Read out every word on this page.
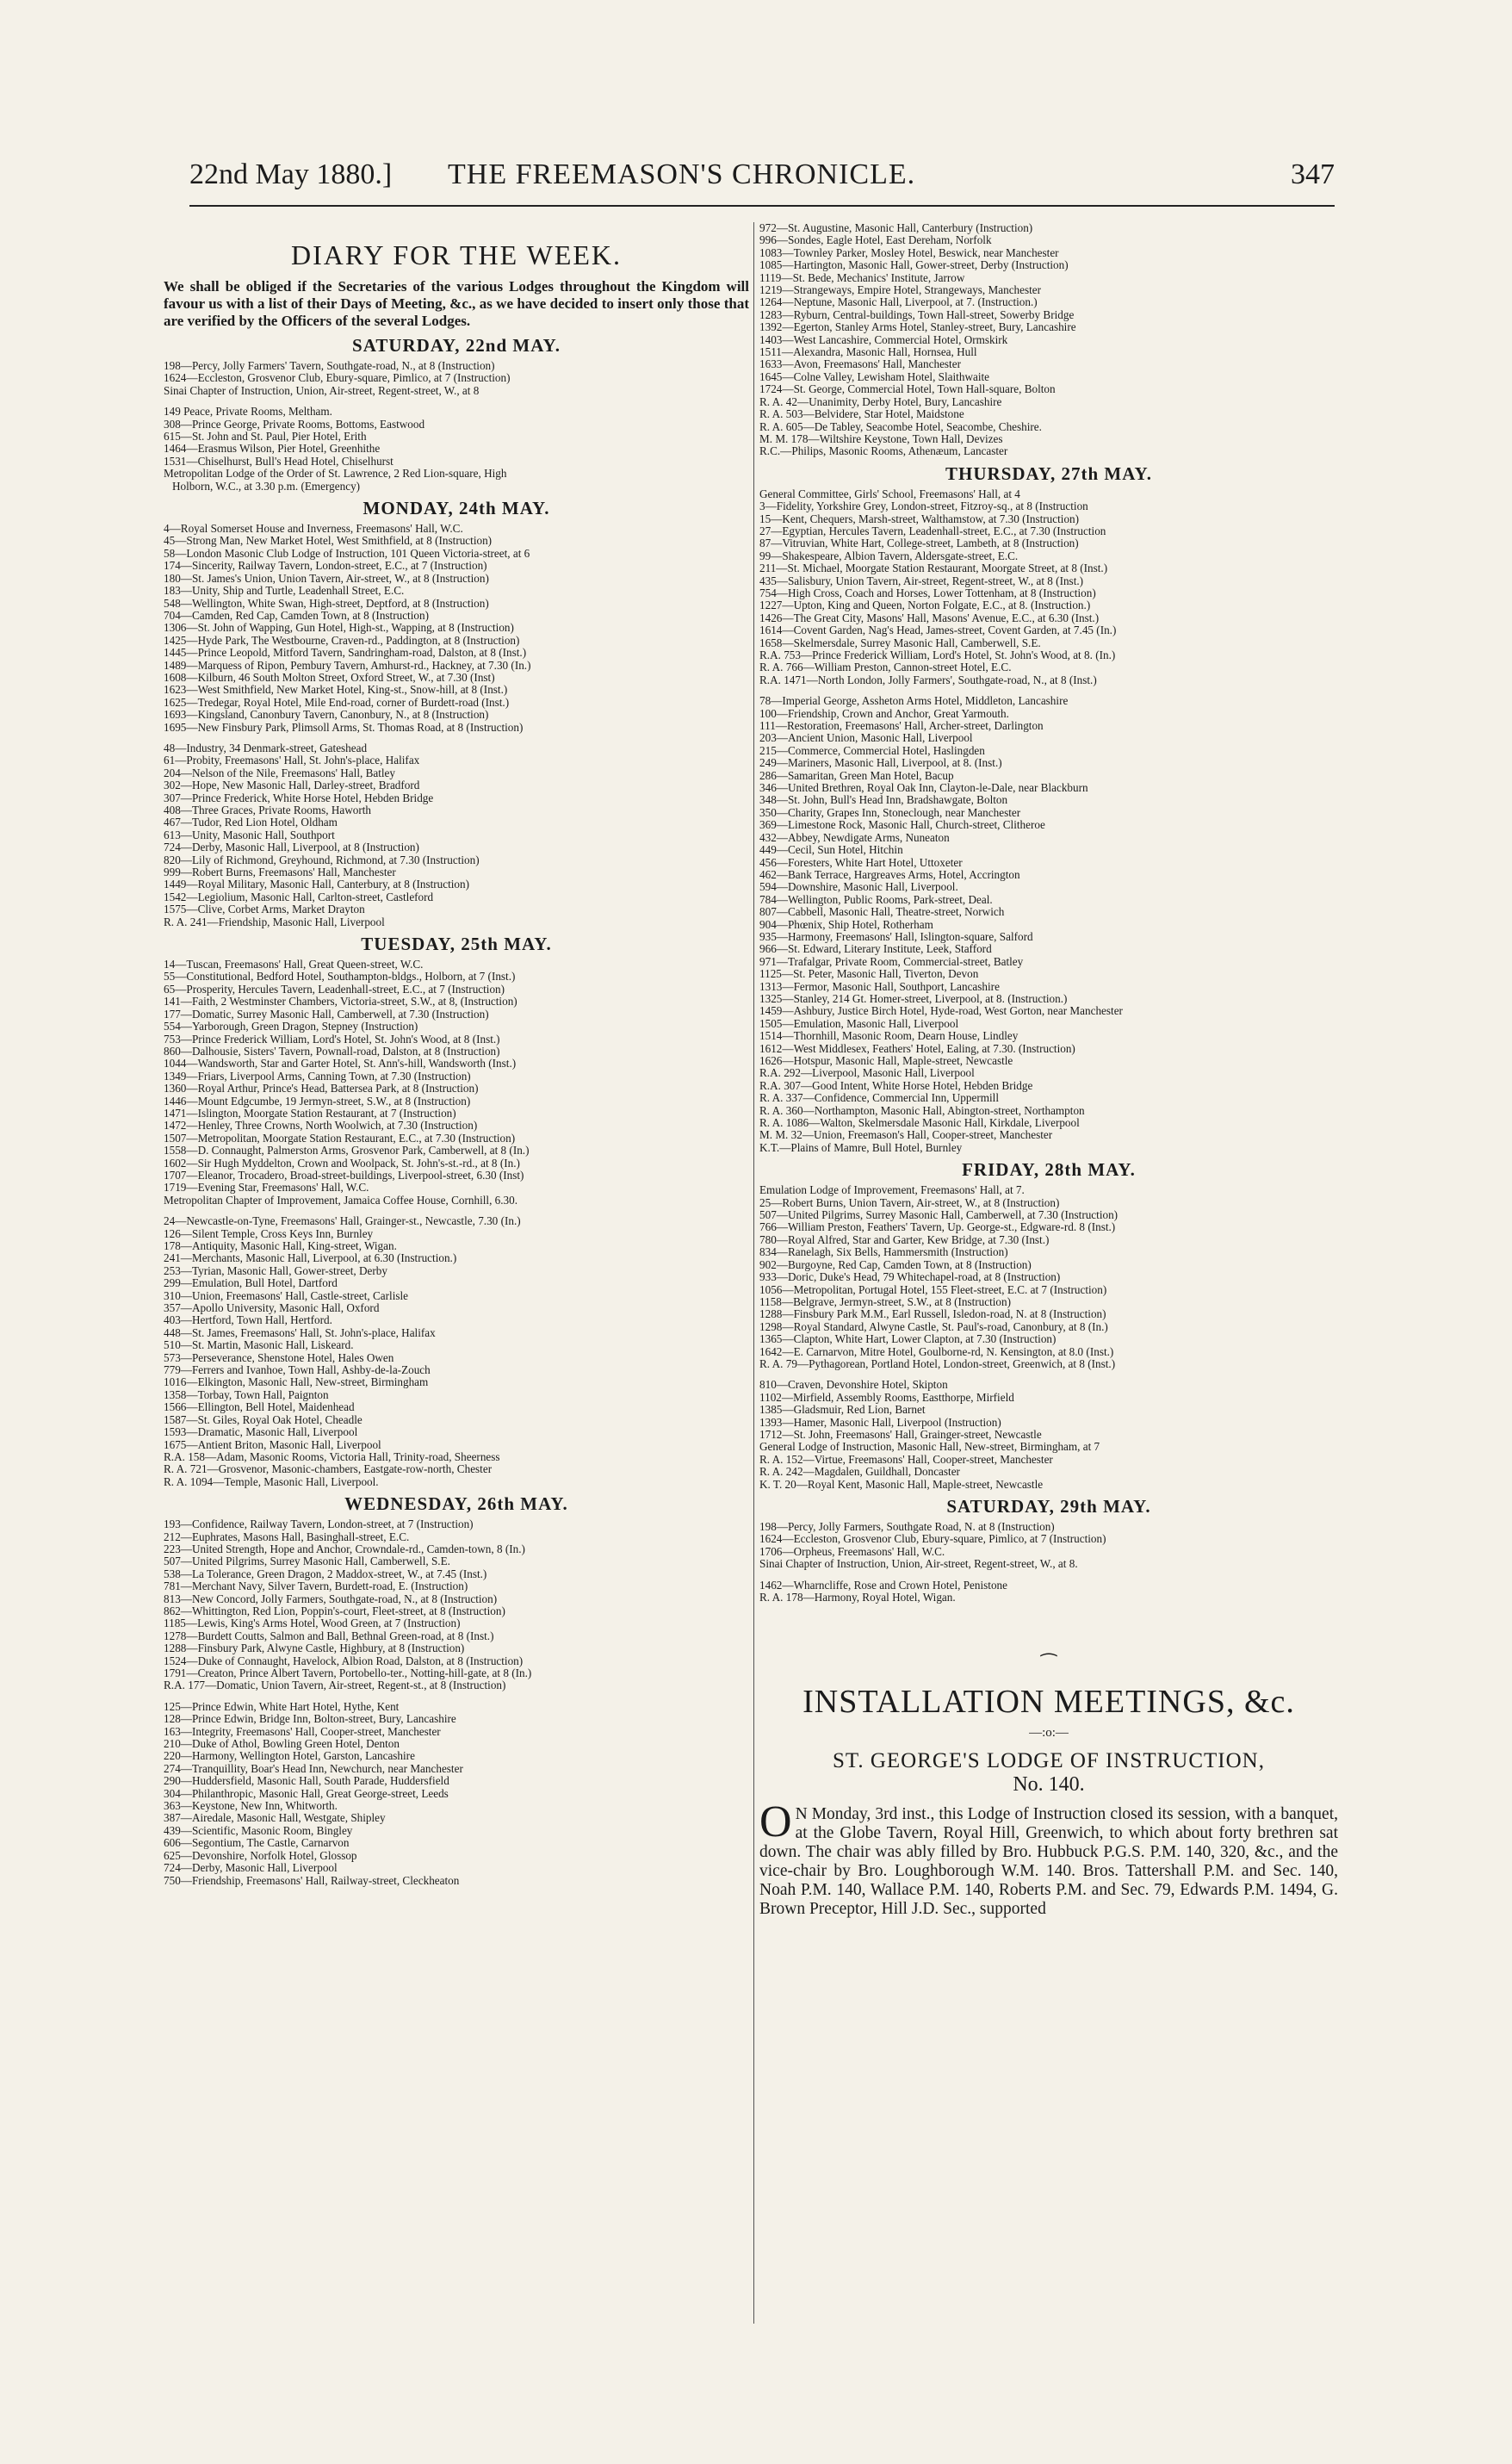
22nd May 1880.] THE FREEMASON'S CHRONICLE.	347
DIARY FOR THE WEEK.
We shall be obliged if the Secretaries of the various Lodges throughout the Kingdom will favour us with a list of their Days of Meeting, &c., as we have decided to insert only those that are verified by the Officers of the several Lodges.
SATURDAY, 22nd MAY.
198—Percy, Jolly Farmers' Tavern, Southgate-road, N., at 8 (Instruction)
1624—Eccleston, Grosvenor Club, Ebury-square, Pimlico, at 7 (Instruction)
Sinai Chapter of Instruction, Union, Air-street, Regent-street, W., at 8
149 Peace, Private Rooms, Meltham.
308—Prince George, Private Rooms, Bottoms, Eastwood
615—St. John and St. Paul, Pier Hotel, Erith
1464—Erasmus Wilson, Pier Hotel, Greenhithe
1531—Chiselhurst, Bull's Head Hotel, Chiselhurst
Metropolitan Lodge of the Order of St. Lawrence, 2 Red Lion-square, High
Holborn, W.C., at 3.30 p.m. (Emergency)
MONDAY, 24th MAY.
4—Royal Somerset House and Inverness, Freemasons' Hall, W.C.
45—Strong Man, New Market Hotel, West Smithfield, at 8 (Instruction)
58—London Masonic Club Lodge of Instruction, 101 Queen Victoria-street, at 6
174—Sincerity, Railway Tavern, London-street, E.C., at 7 (Instruction)
180—St. James's Union, Union Tavern, Air-street, W., at 8 (Instruction)
183—Unity, Ship and Turtle, Leadenhall Street, E.C.
548—Wellington, White Swan, High-street, Deptford, at 8 (Instruction)
704—Camden, Red Cap, Camden Town, at 8 (Instruction)
1306—St. John of Wapping, Gun Hotel, High-st., Wapping, at 8 (Instruction)
1425—Hyde Park, The Westbourne, Craven-rd., Paddington, at 8 (Instruction)
1445—Prince Leopold, Mitford Tavern, Sandringham-road, Dalston, at 8 (Inst.)
1489—Marquess of Ripon, Pembury Tavern, Amhurst-rd., Hackney, at 7.30 (In.)
1608—Kilburn, 46 South Molton Street, Oxford Street, W., at 7.30 (Inst)
1623—West Smithfield, New Market Hotel, King-st., Snow-hill, at 8 (Inst.)
1625—Tredegar, Royal Hotel, Mile End-road, corner of Burdett-road (Inst.)
1693—Kingsland, Canonbury Tavern, Canonbury, N., at 8 (Instruction)
1695—New Finsbury Park, Plimsoll Arms, St. Thomas Road, at 8 (Instruction)
48—Industry, 34 Denmark-street, Gateshead
61—Probity, Freemasons' Hall, St. John's-place, Halifax
204—Nelson of the Nile, Freemasons' Hall, Batley
302—Hope, New Masonic Hall, Darley-street, Bradford
307—Prince Frederick, White Horse Hotel, Hebden Bridge
408—Three Graces, Private Rooms, Haworth
467—Tudor, Red Lion Hotel, Oldham
613—Unity, Masonic Hall, Southport
724—Derby, Masonic Hall, Liverpool, at 8 (Instruction)
820—Lily of Richmond, Greyhound, Richmond, at 7.30 (Instruction)
999—Robert Burns, Freemasons' Hall, Manchester
1449—Royal Military, Masonic Hall, Canterbury, at 8 (Instruction)
1542—Legiolium, Masonic Hall, Carlton-street, Castleford
1575—Clive, Corbet Arms, Market Drayton
R. A. 241—Friendship, Masonic Hall, Liverpool
TUESDAY, 25th MAY.
14—Tuscan, Freemasons' Hall, Great Queen-street, W.C.
55—Constitutional, Bedford Hotel, Southampton-bldgs., Holborn, at 7 (Inst.)
65—Prosperity, Hercules Tavern, Leadenhall-street, E.C., at 7 (Instruction)
141—Faith, 2 Westminster Chambers, Victoria-street, S.W., at 8, (Instruction)
177—Domatic, Surrey Masonic Hall, Camberwell, at 7.30 (Instruction)
554—Yarborough, Green Dragon, Stepney (Instruction)
753—Prince Frederick William, Lord's Hotel, St. John's Wood, at 8 (Inst.)
860—Dalhousie, Sisters' Tavern, Pownall-road, Dalston, at 8 (Instruction)
1044—Wandsworth, Star and Garter Hotel, St. Ann's-hill, Wandsworth (Inst.)
1349—Friars, Liverpool Arms, Canning Town, at 7.30 (Instruction)
1360—Royal Arthur, Prince's Head, Battersea Park, at 8 (Instruction)
1446—Mount Edgcumbe, 19 Jermyn-street, S.W., at 8 (Instruction)
1471—Islington, Moorgate Station Restaurant, at 7 (Instruction)
1472—Henley, Three Crowns, North Woolwich, at 7.30 (Instruction)
1507—Metropolitan, Moorgate Station Restaurant, E.C., at 7.30 (Instruction)
1558—D. Connaught, Palmerston Arms, Grosvenor Park, Camberwell, at 8 (In.)
1602—Sir Hugh Myddelton, Crown and Woolpack, St. John's-st.-rd., at 8 (In.)
1707—Eleanor, Trocadero, Broad-street-buildings, Liverpool-street, 6.30 (Inst)
1719—Evening Star, Freemasons' Hall, W.C.
Metropolitan Chapter of Improvement, Jamaica Coffee House, Cornhill, 6.30.
24—Newcastle-on-Tyne, Freemasons' Hall, Grainger-st., Newcastle, 7.30 (In.)
126—Silent Temple, Cross Keys Inn, Burnley
178—Antiquity, Masonic Hall, King-street, Wigan.
241—Merchants, Masonic Hall, Liverpool, at 6.30 (Instruction.)
253—Tyrian, Masonic Hall, Gower-street, Derby
299—Emulation, Bull Hotel, Dartford
310—Union, Freemasons' Hall, Castle-street, Carlisle
357—Apollo University, Masonic Hall, Oxford
403—Hertford, Town Hall, Hertford.
448—St. James, Freemasons' Hall, St. John's-place, Halifax
510—St. Martin, Masonic Hall, Liskeard.
573—Perseverance, Shenstone Hotel, Hales Owen
779—Ferrers and Ivanhoe, Town Hall, Ashby-de-la-Zouch
1016—Elkington, Masonic Hall, New-street, Birmingham
1358—Torbay, Town Hall, Paignton
1566—Ellington, Bell Hotel, Maidenhead
1587—St. Giles, Royal Oak Hotel, Cheadle
1593—Dramatic, Masonic Hall, Liverpool
1675—Antient Briton, Masonic Hall, Liverpool
R.A. 158—Adam, Masonic Rooms, Victoria Hall, Trinity-road, Sheerness
R. A. 721—Grosvenor, Masonic-chambers, Eastgate-row-north, Chester
R. A. 1094—Temple, Masonic Hall, Liverpool.
WEDNESDAY, 26th MAY.
193—Confidence, Railway Tavern, London-street, at 7 (Instruction)
212—Euphrates, Masons Hall, Basinghall-street, E.C.
223—United Strength, Hope and Anchor, Crowndale-rd., Camden-town, 8 (In.)
507—United Pilgrims, Surrey Masonic Hall, Camberwell, S.E.
538—La Tolerance, Green Dragon, 2 Maddox-street, W., at 7.45 (Inst.)
781—Merchant Navy, Silver Tavern, Burdett-road, E. (Instruction)
813—New Concord, Jolly Farmers, Southgate-road, N., at 8 (Instruction)
862—Whittington, Red Lion, Poppin's-court, Fleet-street, at 8 (Instruction)
1185—Lewis, King's Arms Hotel, Wood Green, at 7 (Instruction)
1278—Burdett Coutts, Salmon and Ball, Bethnal Green-road, at 8 (Inst.)
1288—Finsbury Park, Alwyne Castle, Highbury, at 8 (Instruction)
1524—Duke of Connaught, Havelock, Albion Road, Dalston, at 8 (Instruction)
1791—Creaton, Prince Albert Tavern, Portobello-ter., Notting-hill-gate, at 8 (In.)
R.A. 177—Domatic, Union Tavern, Air-street, Regent-st., at 8 (Instruction)
125—Prince Edwin, White Hart Hotel, Hythe, Kent
128—Prince Edwin, Bridge Inn, Bolton-street, Bury, Lancashire
163—Integrity, Freemasons' Hall, Cooper-street, Manchester
210—Duke of Athol, Bowling Green Hotel, Denton
220—Harmony, Wellington Hotel, Garston, Lancashire
274—Tranquillity, Boar's Head Inn, Newchurch, near Manchester
290—Huddersfield, Masonic Hall, South Parade, Huddersfield
304—Philanthropic, Masonic Hall, Great George-street, Leeds
363—Keystone, New Inn, Whitworth.
387—Airedale, Masonic Hall, Westgate, Shipley
439—Scientific, Masonic Room, Bingley
606—Segontium, The Castle, Carnarvon
625—Devonshire, Norfolk Hotel, Glossop
724—Derby, Masonic Hall, Liverpool
750—Friendship, Freemasons' Hall, Railway-street, Cleckheaton
972—St. Augustine, Masonic Hall, Canterbury (Instruction)
996—Sondes, Eagle Hotel, East Dereham, Norfolk
1083—Townley Parker, Mosley Hotel, Beswick, near Manchester
1085—Hartington, Masonic Hall, Gower-street, Derby (Instruction)
1119—St. Bede, Mechanics' Institute, Jarrow
1219—Strangeways, Empire Hotel, Strangeways, Manchester
1264—Neptune, Masonic Hall, Liverpool, at 7. (Instruction.)
1283—Ryburn, Central-buildings, Town Hall-street, Sowerby Bridge
1392—Egerton, Stanley Arms Hotel, Stanley-street, Bury, Lancashire
1403—West Lancashire, Commercial Hotel, Ormskirk
1511—Alexandra, Masonic Hall, Hornsea, Hull
1633—Avon, Freemasons' Hall, Manchester
1645—Colne Valley, Lewisham Hotel, Slaithwaite
1724—St. George, Commercial Hotel, Town Hall-square, Bolton
R. A. 42—Unanimity, Derby Hotel, Bury, Lancashire
R. A. 503—Belvidere, Star Hotel, Maidstone
R. A. 605—De Tabley, Seacombe Hotel, Seacombe, Cheshire.
M. M. 178—Wiltshire Keystone, Town Hall, Devizes
R.C.—Philips, Masonic Rooms, Athenæum, Lancaster
THURSDAY, 27th MAY.
General Committee, Girls' School, Freemasons' Hall, at 4
3—Fidelity, Yorkshire Grey, London-street, Fitzroy-sq., at 8 (Instruction
15—Kent, Chequers, Marsh-street, Walthamstow, at 7.30 (Instruction)
27—Egyptian, Hercules Tavern, Leadenhall-street, E.C., at 7.30 (Instruction
87—Vitruvian, White Hart, College-street, Lambeth, at 8 (Instruction)
99—Shakespeare, Albion Tavern, Aldersgate-street, E.C.
211—St. Michael, Moorgate Station Restaurant, Moorgate Street, at 8 (Inst.)
435—Salisbury, Union Tavern, Air-street, Regent-street, W., at 8 (Inst.)
754—High Cross, Coach and Horses, Lower Tottenham, at 8 (Instruction)
1227—Upton, King and Queen, Norton Folgate, E.C., at 8. (Instruction.)
1426—The Great City, Masons' Hall, Masons' Avenue, E.C., at 6.30 (Inst.)
1614—Covent Garden, Nag's Head, James-street, Covent Garden, at 7.45 (In.)
1658—Skelmersdale, Surrey Masonic Hall, Camberwell, S.E.
R.A. 753—Prince Frederick William, Lord's Hotel, St. John's Wood, at 8. (In.)
R. A. 766—William Preston, Cannon-street Hotel, E.C.
R.A. 1471—North London, Jolly Farmers', Southgate-road, N., at 8 (Inst.)
78—Imperial George, Assheton Arms Hotel, Middleton, Lancashire
100—Friendship, Crown and Anchor, Great Yarmouth.
111—Restoration, Freemasons' Hall, Archer-street, Darlington
203—Ancient Union, Masonic Hall, Liverpool
215—Commerce, Commercial Hotel, Haslingden
249—Mariners, Masonic Hall, Liverpool, at 8. (Inst.)
286—Samaritan, Green Man Hotel, Bacup
346—United Brethren, Royal Oak Inn, Clayton-le-Dale, near Blackburn
348—St. John, Bull's Head Inn, Bradshawgate, Bolton
350—Charity, Grapes Inn, Stoneclough, near Manchester
369—Limestone Rock, Masonic Hall, Church-street, Clitheroe
432—Abbey, Newdigate Arms, Nuneaton
449—Cecil, Sun Hotel, Hitchin
456—Foresters, White Hart Hotel, Uttoxeter
462—Bank Terrace, Hargreaves Arms, Hotel, Accrington
594—Downshire, Masonic Hall, Liverpool.
784—Wellington, Public Rooms, Park-street, Deal.
807—Cabbell, Masonic Hall, Theatre-street, Norwich
904—Phœnix, Ship Hotel, Rotherham
935—Harmony, Freemasons' Hall, Islington-square, Salford
966—St. Edward, Literary Institute, Leek, Stafford
971—Trafalgar, Private Room, Commercial-street, Batley
1125—St. Peter, Masonic Hall, Tiverton, Devon
1313—Fermor, Masonic Hall, Southport, Lancashire
1325—Stanley, 214 Gt. Homer-street, Liverpool, at 8. (Instruction.)
1459—Ashbury, Justice Birch Hotel, Hyde-road, West Gorton, near Manchester
1505—Emulation, Masonic Hall, Liverpool
1514—Thornhill, Masonic Room, Dearn House, Lindley
1612—West Middlesex, Feathers' Hotel, Ealing, at 7.30. (Instruction)
1626—Hotspur, Masonic Hall, Maple-street, Newcastle
R.A. 292—Liverpool, Masonic Hall, Liverpool
R.A. 307—Good Intent, White Horse Hotel, Hebden Bridge
R. A. 337—Confidence, Commercial Inn, Uppermill
R. A. 360—Northampton, Masonic Hall, Abington-street, Northampton
R. A. 1086—Walton, Skelmersdale Masonic Hall, Kirkdale, Liverpool
M. M. 32—Union, Freemason's Hall, Cooper-street, Manchester
K.T.—Plains of Mamre, Bull Hotel, Burnley
FRIDAY, 28th MAY.
Emulation Lodge of Improvement, Freemasons' Hall, at 7.
25—Robert Burns, Union Tavern, Air-street, W., at 8 (Instruction)
507—United Pilgrims, Surrey Masonic Hall, Camberwell, at 7.30 (Instruction)
766—William Preston, Feathers' Tavern, Up. George-st., Edgware-rd. 8 (Inst.)
780—Royal Alfred, Star and Garter, Kew Bridge, at 7.30 (Inst.)
834—Ranelagh, Six Bells, Hammersmith (Instruction)
902—Burgoyne, Red Cap, Camden Town, at 8 (Instruction)
933—Doric, Duke's Head, 79 Whitechapel-road, at 8 (Instruction)
1056—Metropolitan, Portugal Hotel, 155 Fleet-street, E.C. at 7 (Instruction)
1158—Belgrave, Jermyn-street, S.W., at 8 (Instruction)
1288—Finsbury Park M.M., Earl Russell, Isledon-road, N. at 8 (Instruction)
1298—Royal Standard, Alwyne Castle, St. Paul's-road, Canonbury, at 8 (In.)
1365—Clapton, White Hart, Lower Clapton, at 7.30 (Instruction)
1642—E. Carnarvon, Mitre Hotel, Goulborne-rd, N. Kensington, at 8.0 (Inst.)
R. A. 79—Pythagorean, Portland Hotel, London-street, Greenwich, at 8 (Inst.)
810—Craven, Devonshire Hotel, Skipton
1102—Mirfield, Assembly Rooms, Eastthorpe, Mirfield
1385—Gladsmuir, Red Lion, Barnet
1393—Hamer, Masonic Hall, Liverpool (Instruction)
1712—St. John, Freemasons' Hall, Grainger-street, Newcastle
General Lodge of Instruction, Masonic Hall, New-street, Birmingham, at 7
R. A. 152—Virtue, Freemasons' Hall, Cooper-street, Manchester
R. A. 242—Magdalen, Guildhall, Doncaster
K. T. 20—Royal Kent, Masonic Hall, Maple-street, Newcastle
SATURDAY, 29th MAY.
198—Percy, Jolly Farmers, Southgate Road, N. at 8 (Instruction)
1624—Eccleston, Grosvenor Club, Ebury-square, Pimlico, at 7 (Instruction)
1706—Orpheus, Freemasons' Hall, W.C.
Sinai Chapter of Instruction, Union, Air-street, Regent-street, W., at 8.
1462—Wharncliffe, Rose and Crown Hotel, Penistone
R. A. 178—Harmony, Royal Hotel, Wigan.
⁀
INSTALLATION MEETINGS, &c.
—:o:—
ST. GEORGE'S LODGE OF INSTRUCTION,
No. 140.
O N Monday, 3rd inst., this Lodge of Instruction closed its session, with a banquet, at the Globe Tavern, Royal Hill, Greenwich, to which about forty brethren sat down. The chair was ably filled by Bro. Hubbuck P.G.S. P.M. 140, 320, &c., and the vice-chair by Bro. Loughborough W.M. 140. Bros. Tattershall P.M. and Sec. 140, Noah P.M. 140, Wallace P.M. 140, Roberts P.M. and Sec. 79, Edwards P.M. 1494, G. Brown Preceptor, Hill J.D. Sec., supported
